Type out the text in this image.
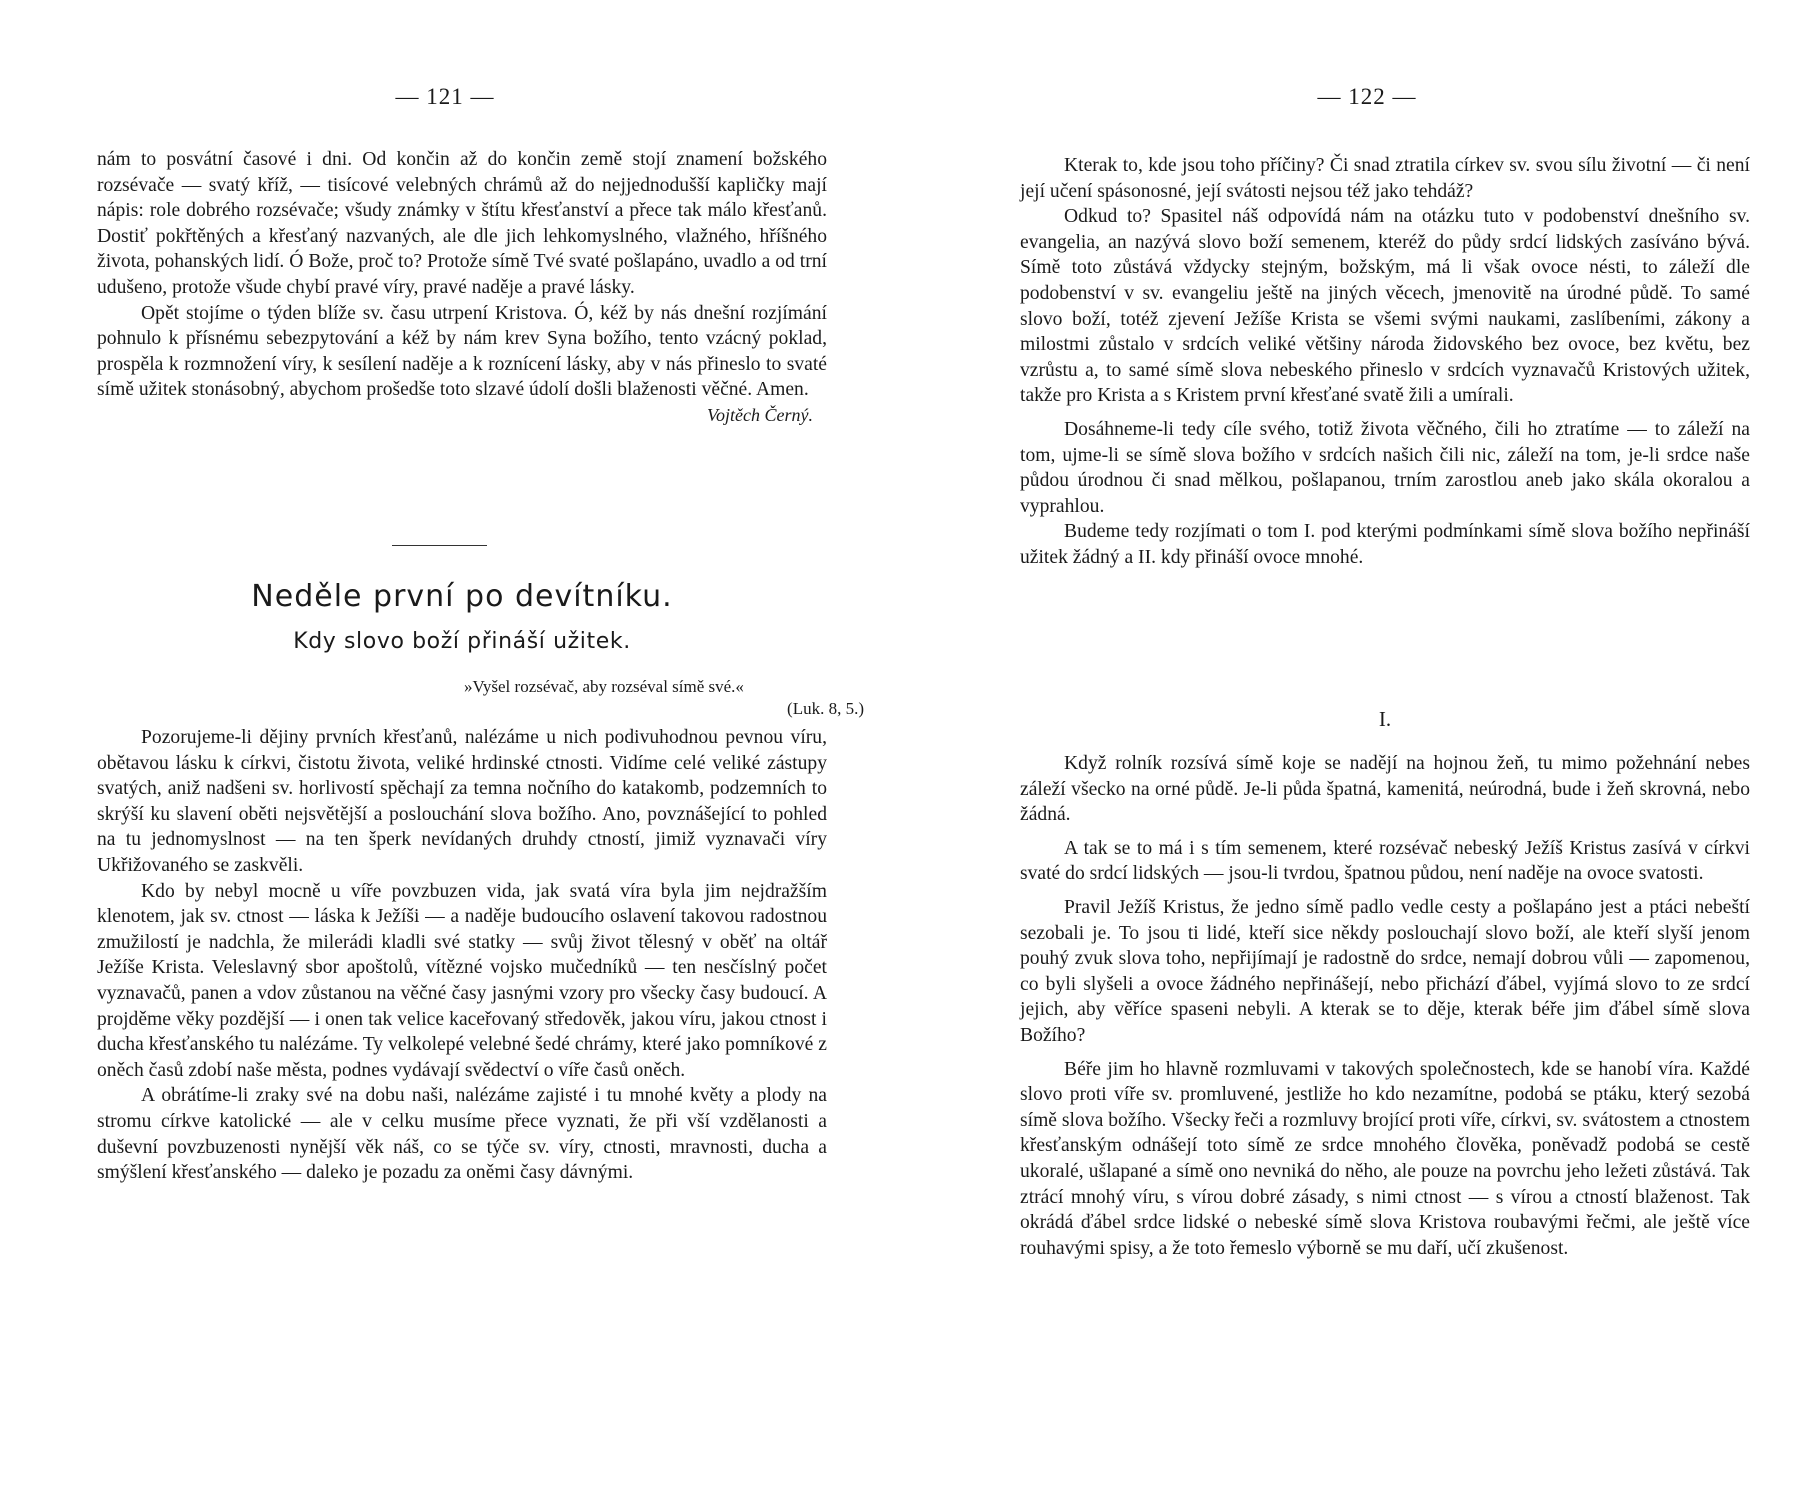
— 121 —

nám to posvátní časové i dni. Od končin až do končin země stojí znamení božského rozsévače — svatý kříž, — tisícové velebných chrámů až do nejjednodušší kapličky mají nápis: role dobrého rozsévače; všudy známky v štítu křesťanství a přece tak málo křesťanů. Dostiť pokřtěných a křesťaný nazvaných, ale dle jich lehkomyslného, vlažného, hříšného života, pohanských lidí. Ó Bože, proč to? Protože símě Tvé svaté pošlapáno, uvadlo a od trní udušeno, protože všude chybí pravé víry, pravé naděje a pravé lásky.

Opět stojíme o týden blíže sv. času utrpení Kristova. Ó, kéž by nás dnešní rozjímání pohnulo k přísnému sebezpytování a kéž by nám krev Syna božího, tento vzácný poklad, prospěla k rozmnožení víry, k sesílení naděje a k roznícení lásky, aby v nás přineslo to svaté símě užitek stonásobný, abychom prošedše toto slzavé údolí došli blaženosti věčné. Amen.
Vojtěch Černý.

Neděle první po devítníku.
Kdy slovo boží přináší užitek.
»Vyšel rozsévač, aby rozséval símě své.«
(Luk. 8, 5.)

Pozorujeme-li dějiny prvních křesťanů, nalézáme u nich podivuhodnou pevnou víru, obětavou lásku k církvi, čistotu života, veliké hrdinské ctnosti. Vidíme celé veliké zástupy svatých, aniž nadšeni sv. horlivostí spěchají za temna nočního do katakomb, podzemních to skrýší ku slavení oběti nejsvětější a poslouchání slova božího. Ano, povznášející to pohled na tu jednomyslnost — na ten šperk nevídaných druhdy ctností, jimiž vyznavači víry Ukřižovaného se zaskvěli.

Kdo by nebyl mocně u víře povzbuzen vida, jak svatá víra byla jim nejdražším klenotem, jak sv. ctnost — láska k Ježíši — a naděje budoucího oslavení takovou radostnou zmužilostí je nadchla, že milerádi kladli své statky — svůj život tělesný v oběť na oltář Ježíše Krista. Veleslavný sbor apoštolů, vítězné vojsko mučedníků — ten nesčíslný počet vyznavačů, panen a vdov zůstanou na věčné časy jasnými vzory pro všecky časy budoucí. A projděme věky pozdější — i onen tak velice kaceřovaný středověk, jakou víru, jakou ctnost i ducha křesťanského tu nalézáme. Ty velkolepé velebné šedé chrámy, které jako pomníkové z oněch časů zdobí naše města, podnes vydávají svědectví o víře časů oněch.

A obrátíme-li zraky své na dobu naši, nalézáme zajisté i tu mnohé květy a plody na stromu církve katolické — ale v celku musíme přece vyznati, že při vší vzdělanosti a duševní povzbuzenosti nynější věk náš, co se týče sv. víry, ctnosti, mravnosti, ducha a smýšlení křesťanského — daleko je pozadu za oněmi časy dávnými.

— 122 —

Kterak to, kde jsou toho příčiny? Či snad ztratila církev sv. svou sílu životní — či není její učení spásonosné, její svátosti nejsou též jako tehdáž?

Odkud to? Spasitel náš odpovídá nám na otázku tuto v podobenství dnešního sv. evangelia, an nazývá slovo boží semenem, kteréž do půdy srdcí lidských zasíváno bývá. Símě toto zůstává vždycky stejným, božským, má li však ovoce nésti, to záleží dle podobenství v sv. evangeliu ještě na jiných věcech, jmenovitě na úrodné půdě. To samé slovo boží, totéž zjevení Ježíše Krista se všemi svými naukami, zaslíbeními, zákony a milostmi zůstalo v srdcích veliké většiny národa židovského bez ovoce, bez květu, bez vzrůstu a, to samé símě slova nebeského přineslo v srdcích vyznavačů Kristových užitek, takže pro Krista a s Kristem první křesťané svatě žili a umírali.

Dosáhneme-li tedy cíle svého, totiž života věčného, čili ho ztratíme — to záleží na tom, ujme-li se símě slova božího v srdcích našich čili nic, záleží na tom, je-li srdce naše půdou úrodnou či snad mělkou, pošlapanou, trním zarostlou aneb jako skála okoralou a vyprahlou.

Budeme tedy rozjímati o tom I. pod kterými podmínkami símě slova božího nepřináší užitek žádný a II. kdy přináší ovoce mnohé.

I.

Když rolník rozsívá símě koje se nadějí na hojnou žeň, tu mimo požehnání nebes záleží všecko na orné půdě. Je-li půda špatná, kamenitá, neúrodná, bude i žeň skrovná, nebo žádná.

A tak se to má i s tím semenem, které rozsévač nebeský Ježíš Kristus zasívá v církvi svaté do srdcí lidských — jsou-li tvrdou, špatnou půdou, není naděje na ovoce svatosti.

Pravil Ježíš Kristus, že jedno símě padlo vedle cesty a pošlapáno jest a ptáci nebeští sezobali je. To jsou ti lidé, kteří sice někdy poslouchají slovo boží, ale kteří slyší jenom pouhý zvuk slova toho, nepřijímají je radostně do srdce, nemají dobrou vůli — zapomenou, co byli slyšeli a ovoce žádného nepřinášejí, nebo přichází ďábel, vyjímá slovo to ze srdcí jejich, aby věříce spaseni nebyli. A kterak se to děje, kterak béře jim ďábel símě slova Božího?

Béře jim ho hlavně rozmluvami v takových společnostech, kde se hanobí víra. Každé slovo proti víře sv. promluvené, jestliže ho kdo nezamítne, podobá se ptáku, který sezobá símě slova božího. Všecky řeči a rozmluvy brojící proti víře, církvi, sv. svátostem a ctnostem křesťanským odnášejí toto símě ze srdce mnohého člověka, poněvadž podobá se cestě ukoralé, ušlapané a símě ono nevniká do něho, ale pouze na povrchu jeho ležeti zůstává. Tak ztrácí mnohý víru, s vírou dobré zásady, s nimi ctnost — s vírou a ctností blaženost. Tak okrádá ďábel srdce lidské o nebeské símě slova Kristova roubavými řečmi, ale ještě více rouhavými spisy, a že toto řemeslo výborně se mu daří, učí zkušenost.
